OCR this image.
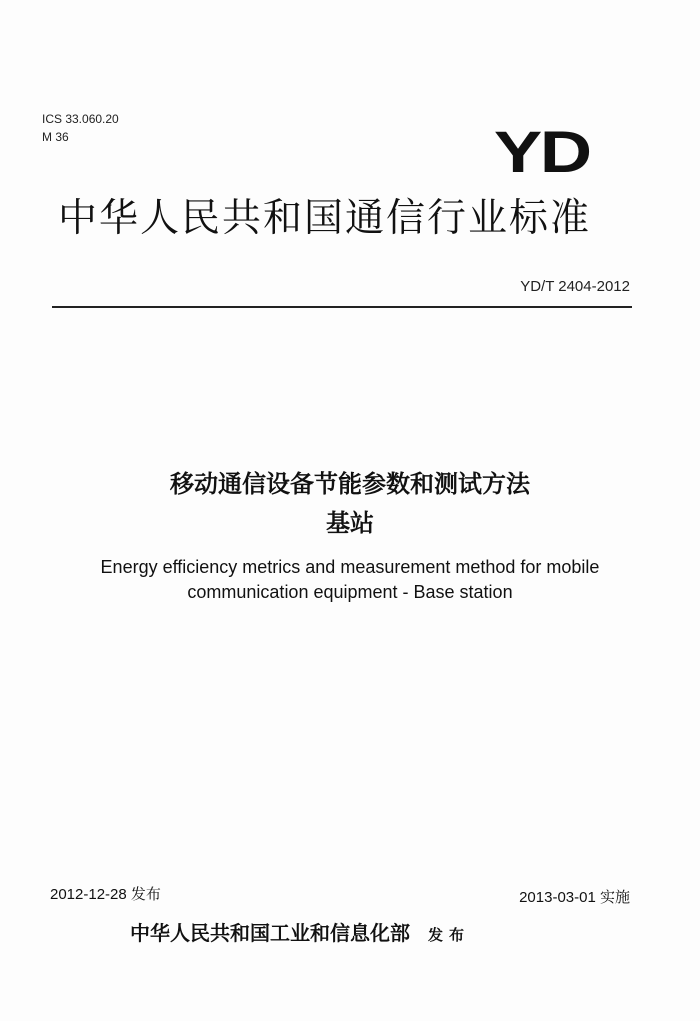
ICS 33.060.20
M 36	YD
中华人民共和国通信行业标准
YD/T 2404-2012
移动通信设备节能参数和测试方法
基站
Energy efficiency metrics and measurement method for mobile
communication equipment - Base station
2012-12-28 发布	2013-03-01 实施
中华人民共和国工业和信息化部 发布
